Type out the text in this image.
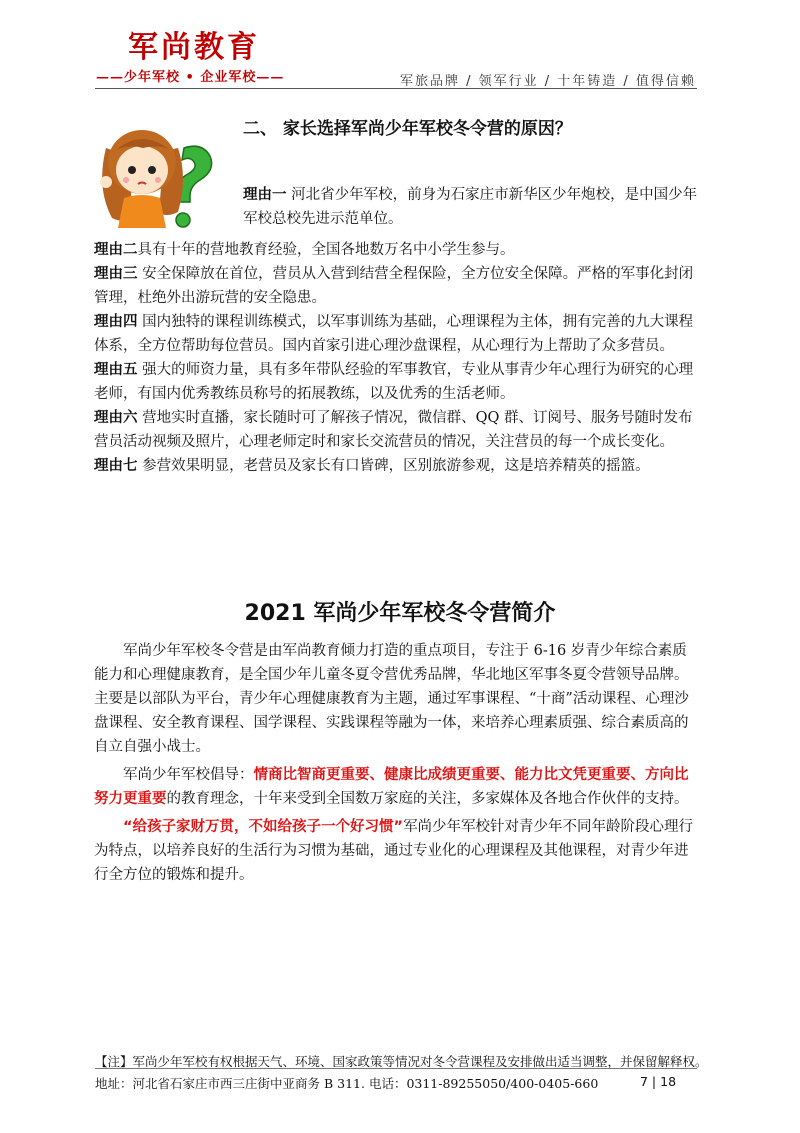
军尚教育
——少年军校 • 企业军校——	军旅品牌 / 领军行业 / 十年铸造 / 值得信赖
二、 家长选择军尚少年军校冬令营的原因？
理由一 河北省少年军校，前身为石家庄市新华区少年炮校，是中国少年军校总校先进示范单位。

理由二具有十年的营地教育经验，全国各地数万名中小学生参与。

理由三 安全保障放在首位，营员从入营到结营全程保险，全方位安全保障。严格的军事化封闭管理，杜绝外出游玩营的安全隐患。

理由四 国内独特的课程训练模式，以军事训练为基础，心理课程为主体，拥有完善的九大课程体系，全方位帮助每位营员。国内首家引进心理沙盘课程，从心理行为上帮助了众多营员。

理由五 强大的师资力量，具有多年带队经验的军事教官，专业从事青少年心理行为研究的心理老师，有国内优秀教练员称号的拓展教练，以及优秀的生活老师。

理由六 营地实时直播，家长随时可了解孩子情况，微信群、QQ 群、订阅号、服务号随时发布营员活动视频及照片，心理老师定时和家长交流营员的情况，关注营员的每一个成长变化。

理由七 参营效果明显，老营员及家长有口皆碑，区别旅游参观，这是培养精英的摇篮。

2021 军尚少年军校冬令营简介

军尚少年军校冬令营是由军尚教育倾力打造的重点项目，专注于 6-16 岁青少年综合素质能力和心理健康教育，是全国少年儿童冬夏令营优秀品牌，华北地区军事冬夏令营领导品牌。主要是以部队为平台，青少年心理健康教育为主题，通过军事课程、“十商”活动课程、心理沙盘课程、安全教育课程、国学课程、实践课程等融为一体，来培养心理素质强、综合素质高的自立自强小战士。

军尚少年军校倡导：情商比智商更重要、健康比成绩更重要、能力比文凭更重要、方向比努力更重要的教育理念，十年来受到全国数万家庭的关注，多家媒体及各地合作伙伴的支持。

“给孩子家财万贯，不如给孩子一个好习惯”军尚少年军校针对青少年不同年龄阶段心理行为特点，以培养良好的生活行为习惯为基础，通过专业化的心理课程及其他课程，对青少年进行全方位的锻炼和提升。

【注】军尚少年军校有权根据天气、环境、国家政策等情况对冬令营课程及安排做出适当调整，并保留解释权。
地址：河北省石家庄市西三庄街中亚商务 B 311. 电话：0311-89255050/400-0405-660	7 | 18
